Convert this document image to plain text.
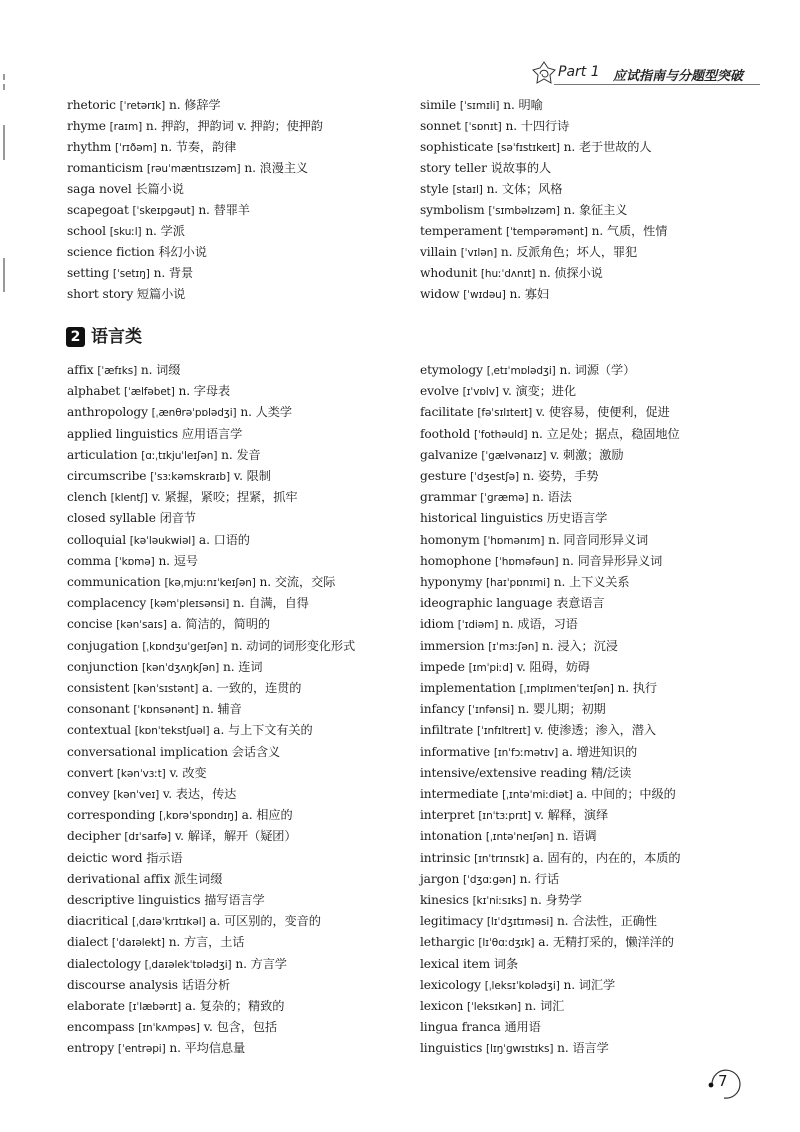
Part 1 应试指南与分题型突破
rhetoric [ˈretərɪk] n. 修辞学
rhyme [raɪm] n. 押韵，押韵词 v. 押韵；使押韵
rhythm [ˈrɪðəm] n. 节奏，韵律
romanticism [rəuˈmæntɪsɪzəm] n. 浪漫主义
saga novel 长篇小说
scapegoat [ˈskeɪpgəut] n. 替罪羊
school [skuːl] n. 学派
science fiction 科幻小说
setting [ˈsetɪŋ] n. 背景
short story 短篇小说
simile [ˈsɪmɪli] n. 明喻
sonnet [ˈsɒnɪt] n. 十四行诗
sophisticate [səˈfɪstɪkeɪt] n. 老于世故的人
story teller 说故事的人
style [staɪl] n. 文体；风格
symbolism [ˈsɪmbəlɪzəm] n. 象征主义
temperament [ˈtempərəmənt] n. 气质，性情
villain [ˈvɪlən] n. 反派角色；坏人，罪犯
whodunit [huːˈdʌnɪt] n. 侦探小说
widow [ˈwɪdəu] n. 寡妇
2 语言类
affix [ˈæfɪks] n. 词缀
alphabet [ˈælfəbet] n. 字母表
anthropology [ˌænθrəˈpɒlədʒi] n. 人类学
applied linguistics 应用语言学
articulation [ɑːˌtɪkjuˈleɪʃən] n. 发音
circumscribe [ˈsɜːkəmskraɪb] v. 限制
clench [klentʃ] v. 紧握，紧咬；捏紧，抓牢
closed syllable 闭音节
colloquial [kəˈləukwiəl] a. 口语的
comma [ˈkɒmə] n. 逗号
communication [kəˌmjuːnɪˈkeɪʃən] n. 交流，交际
complacency [kəmˈpleɪsənsi] n. 自满，自得
concise [kənˈsaɪs] a. 简洁的，简明的
conjugation [ˌkɒndʒuˈgeɪʃən] n. 动词的词形变化形式
conjunction [kənˈdʒʌŋkʃən] n. 连词
consistent [kənˈsɪstənt] a. 一致的，连贯的
consonant [ˈkɒnsənənt] n. 辅音
contextual [kɒnˈtekstʃuəl] a. 与上下文有关的
conversational implication 会话含义
convert [kənˈvɜːt] v. 改变
convey [kənˈveɪ] v. 表达，传达
corresponding [ˌkɒrəˈspɒndɪŋ] a. 相应的
decipher [dɪˈsaɪfə] v. 解译，解开（疑团）
deictic word 指示语
derivational affix 派生词缀
descriptive linguistics 描写语言学
diacritical [ˌdaɪəˈkrɪtɪkəl] a. 可区别的，变音的
dialect [ˈdaɪəlekt] n. 方言，土话
dialectology [ˌdaɪəlekˈtɒlədʒi] n. 方言学
discourse analysis 话语分析
elaborate [ɪˈlæbərɪt] a. 复杂的；精致的
encompass [ɪnˈkʌmpəs] v. 包含，包括
entropy [ˈentrəpi] n. 平均信息量
etymology [ˌetɪˈmɒlədʒi] n. 词源（学）
evolve [ɪˈvɒlv] v. 演变；进化
facilitate [fəˈsɪlɪteɪt] v. 使容易，使便利，促进
foothold [ˈfothəuld] n. 立足处；据点，稳固地位
galvanize [ˈgælvənaɪz] v. 刺激；激励
gesture [ˈdʒestʃə] n. 姿势，手势
grammar [ˈgræmə] n. 语法
historical linguistics 历史语言学
homonym [ˈhɒmənɪm] n. 同音同形异义词
homophone [ˈhɒməfəun] n. 同音异形异义词
hyponymy [haɪˈpɒnɪmi] n. 上下义关系
ideographic language 表意语言
idiom [ˈɪdiəm] n. 成语，习语
immersion [ɪˈmɜːʃən] n. 浸入；沉浸
impede [ɪmˈpiːd] v. 阻碍，妨碍
implementation [ˌɪmplɪmenˈteɪʃən] n. 执行
infancy [ˈɪnfənsi] n. 婴儿期；初期
infiltrate [ˈɪnfɪltreɪt] v. 使渗透；渗入，潜入
informative [ɪnˈfɔːmətɪv] a. 增进知识的
intensive/extensive reading 精/泛读
intermediate [ˌɪntəˈmiːdiət] a. 中间的；中级的
interpret [ɪnˈtɜːprɪt] v. 解释，演绎
intonation [ˌɪntəˈneɪʃən] n. 语调
intrinsic [ɪnˈtrɪnsɪk] a. 固有的，内在的，本质的
jargon [ˈdʒɑːgən] n. 行话
kinesics [kɪˈniːsɪks] n. 身势学
legitimacy [lɪˈdʒɪtɪməsi] n. 合法性，正确性
lethargic [lɪˈθɑːdʒɪk] a. 无精打采的，懒洋洋的
lexical item 词条
lexicology [ˌleksɪˈkɒlədʒi] n. 词汇学
lexicon [ˈleksɪkən] n. 词汇
lingua franca 通用语
linguistics [lɪŋˈgwɪstɪks] n. 语言学
7
